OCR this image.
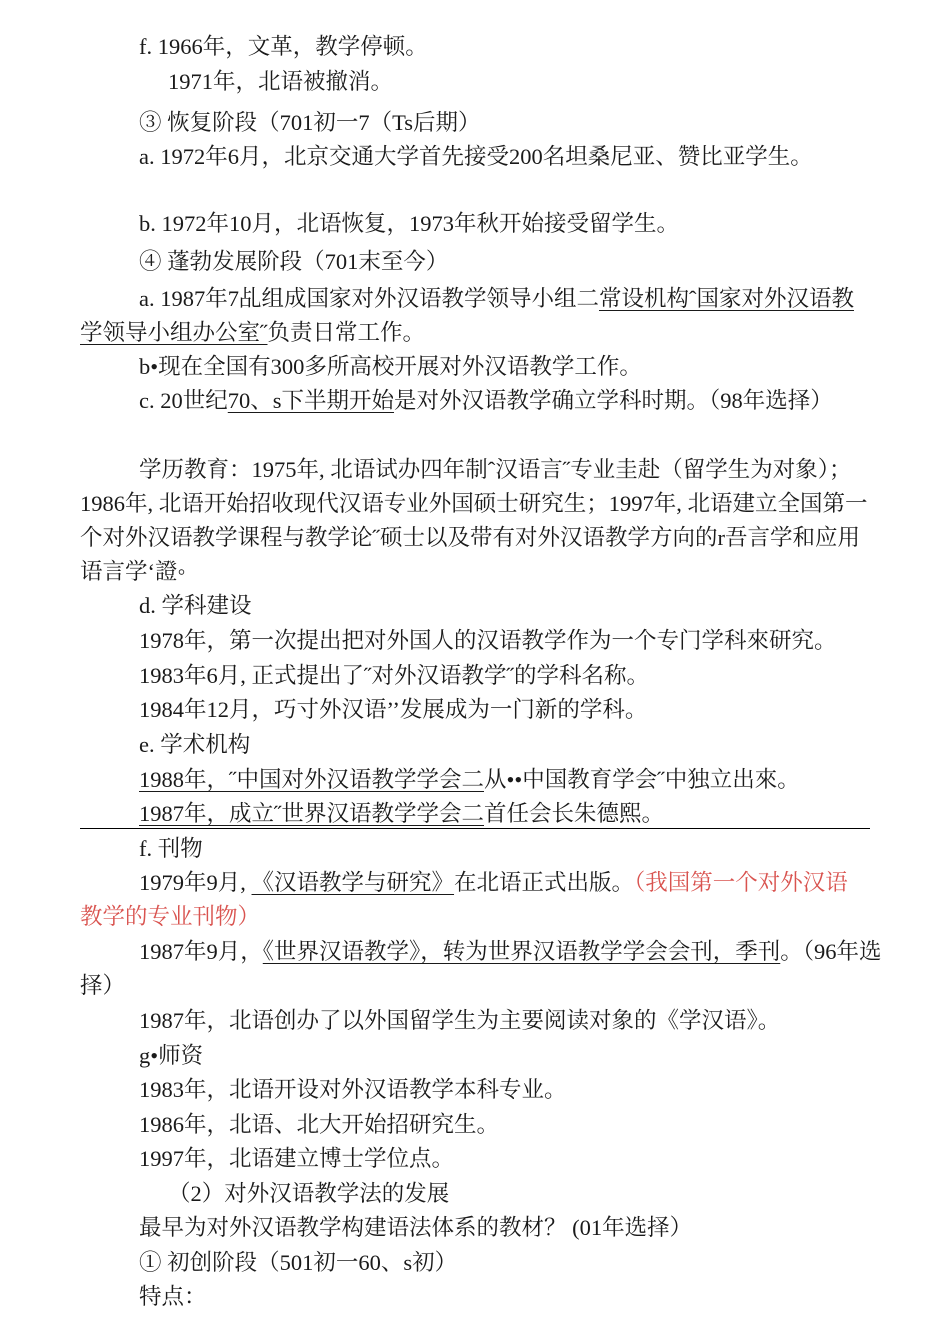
f. 1966年，文革，教学停顿。

1971年，北语被撤消。

③ 恢复阶段（701初一7（Ts后期）

a. 1972年6月，北京交通大学首先接受200名坦桑尼亚、赞比亚学生。

b. 1972年10月，北语恢复，1973年秋开始接受留学生。

④ 蓬勃发展阶段（701末至今）

a. 1987年7乩组成国家对外汉语教学领导小组二常设机构ˆ国家对外汉语教学领导小组办公室˝负责日常工作。

b•现在全国有300多所高校开展对外汉语教学工作。

c. 20世纪70、s下半期开始是对外汉语教学确立学科时期。（98年选择）

学历教育：1975年, 北语试办四年制ˆ汉语言˝专业圭赴（留学生为对象）；1986年, 北语开始招收现代汉语专业外国硕士研究生；1997年, 北语建立全国第一个对外汉语教学课程与教学论˝硕士以及带有对外汉语教学方向的r吾言学和应用语言学‘證◦

d. 学科建设

1978年，第一次提出把对外国人的汉语教学作为一个专门学科來研究。

1983年6月, 正式提出了˝对外汉语教学˝的学科名称。

1984年12月，巧寸外汉语’’发展成为一门新的学科。

e. 学术机构

1988年，˝中国对外汉语教学学会二从••中国教育学会˝中独立出來。

1987年，成立˝世界汉语教学学会二首任会长朱德熙。

f. 刊物

1979年9月, 《汉语教学与研究》在北语正式出版。（我国第一个对外汉语教学的专业刊物）

1987年9月，《世界汉语教学》，转为世界汉语教学学会会刊，季刊。（96年选择）

1987年，北语创办了以外国留学生为主要阅读对象的《学汉语》。

g•师资

1983年，北语开设对外汉语教学本科专业。

1986年，北语、北大开始招研究生。

1997年，北语建立博士学位点。

（2）对外汉语教学法的发展

最早为对外汉语教学构建语法体系的教材？ (01年选择）

① 初创阶段（501初一60、s初）

特点：
